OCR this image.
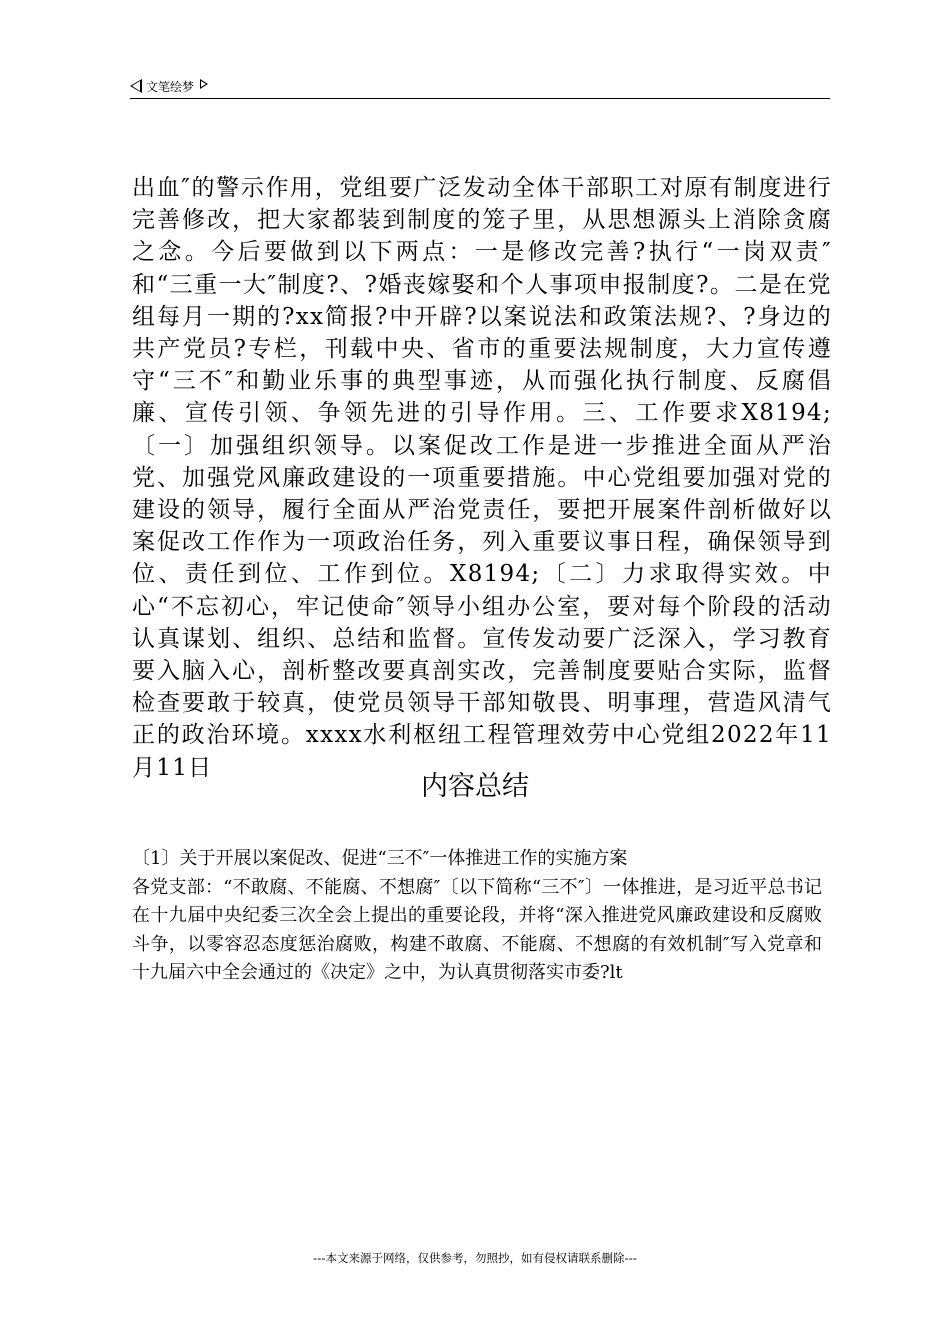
文笔绘梦

出血″的警示作用，党组要广泛发动全体干部职工对原有制度进行完善修改，把大家都装到制度的笼子里，从思想源头上消除贪腐之念。今后要做到以下两点：一是修改完善?执行“一岗双责″和“三重一大″制度?、?婚丧嫁娶和个人事项申报制度?。二是在党组每月一期的?xx简报?中开辟?以案说法和政策法规?、?身边的共产党员?专栏，刊载中央、省市的重要法规制度，大力宣传遵守“三不″和勤业乐事的典型事迹，从而强化执行制度、反腐倡廉、宣传引领、争领先进的引导作用。三、工作要求X8194;〔一〕加强组织领导。以案促改工作是进一步推进全面从严治党、加强党风廉政建设的一项重要措施。中心党组要加强对党的建设的领导，履行全面从严治党责任，要把开展案件剖析做好以案促改工作作为一项政治任务，列入重要议事日程，确保领导到位、责任到位、工作到位。X8194;〔二〕力求取得实效。中心“不忘初心，牢记使命″领导小组办公室，要对每个阶段的活动认真谋划、组织、总结和监督。宣传发动要广泛深入，学习教育要入脑入心，剖析整改要真剖实改，完善制度要贴合实际，监督检查要敢于较真，使党员领导干部知敬畏、明事理，营造风清气正的政治环境。xxxx水利枢纽工程管理效劳中心党组2022年11月11日

内容总结

〔1〕关于开展以案促改、促进“三不″一体推进工作的实施方案

各党支部：“不敢腐、不能腐、不想腐″〔以下简称“三不″〕一体推进，是习近平总书记在十九届中央纪委三次全会上提出的重要论段，并将“深入推进党风廉政建设和反腐败斗争，以零容忍态度惩治腐败，构建不敢腐、不能腐、不想腐的有效机制″写入党章和十九届六中全会通过的《决定》之中，为认真贯彻落实市委?lt

---本文来源于网络，仅供参考，勿照抄，如有侵权请联系删除---
